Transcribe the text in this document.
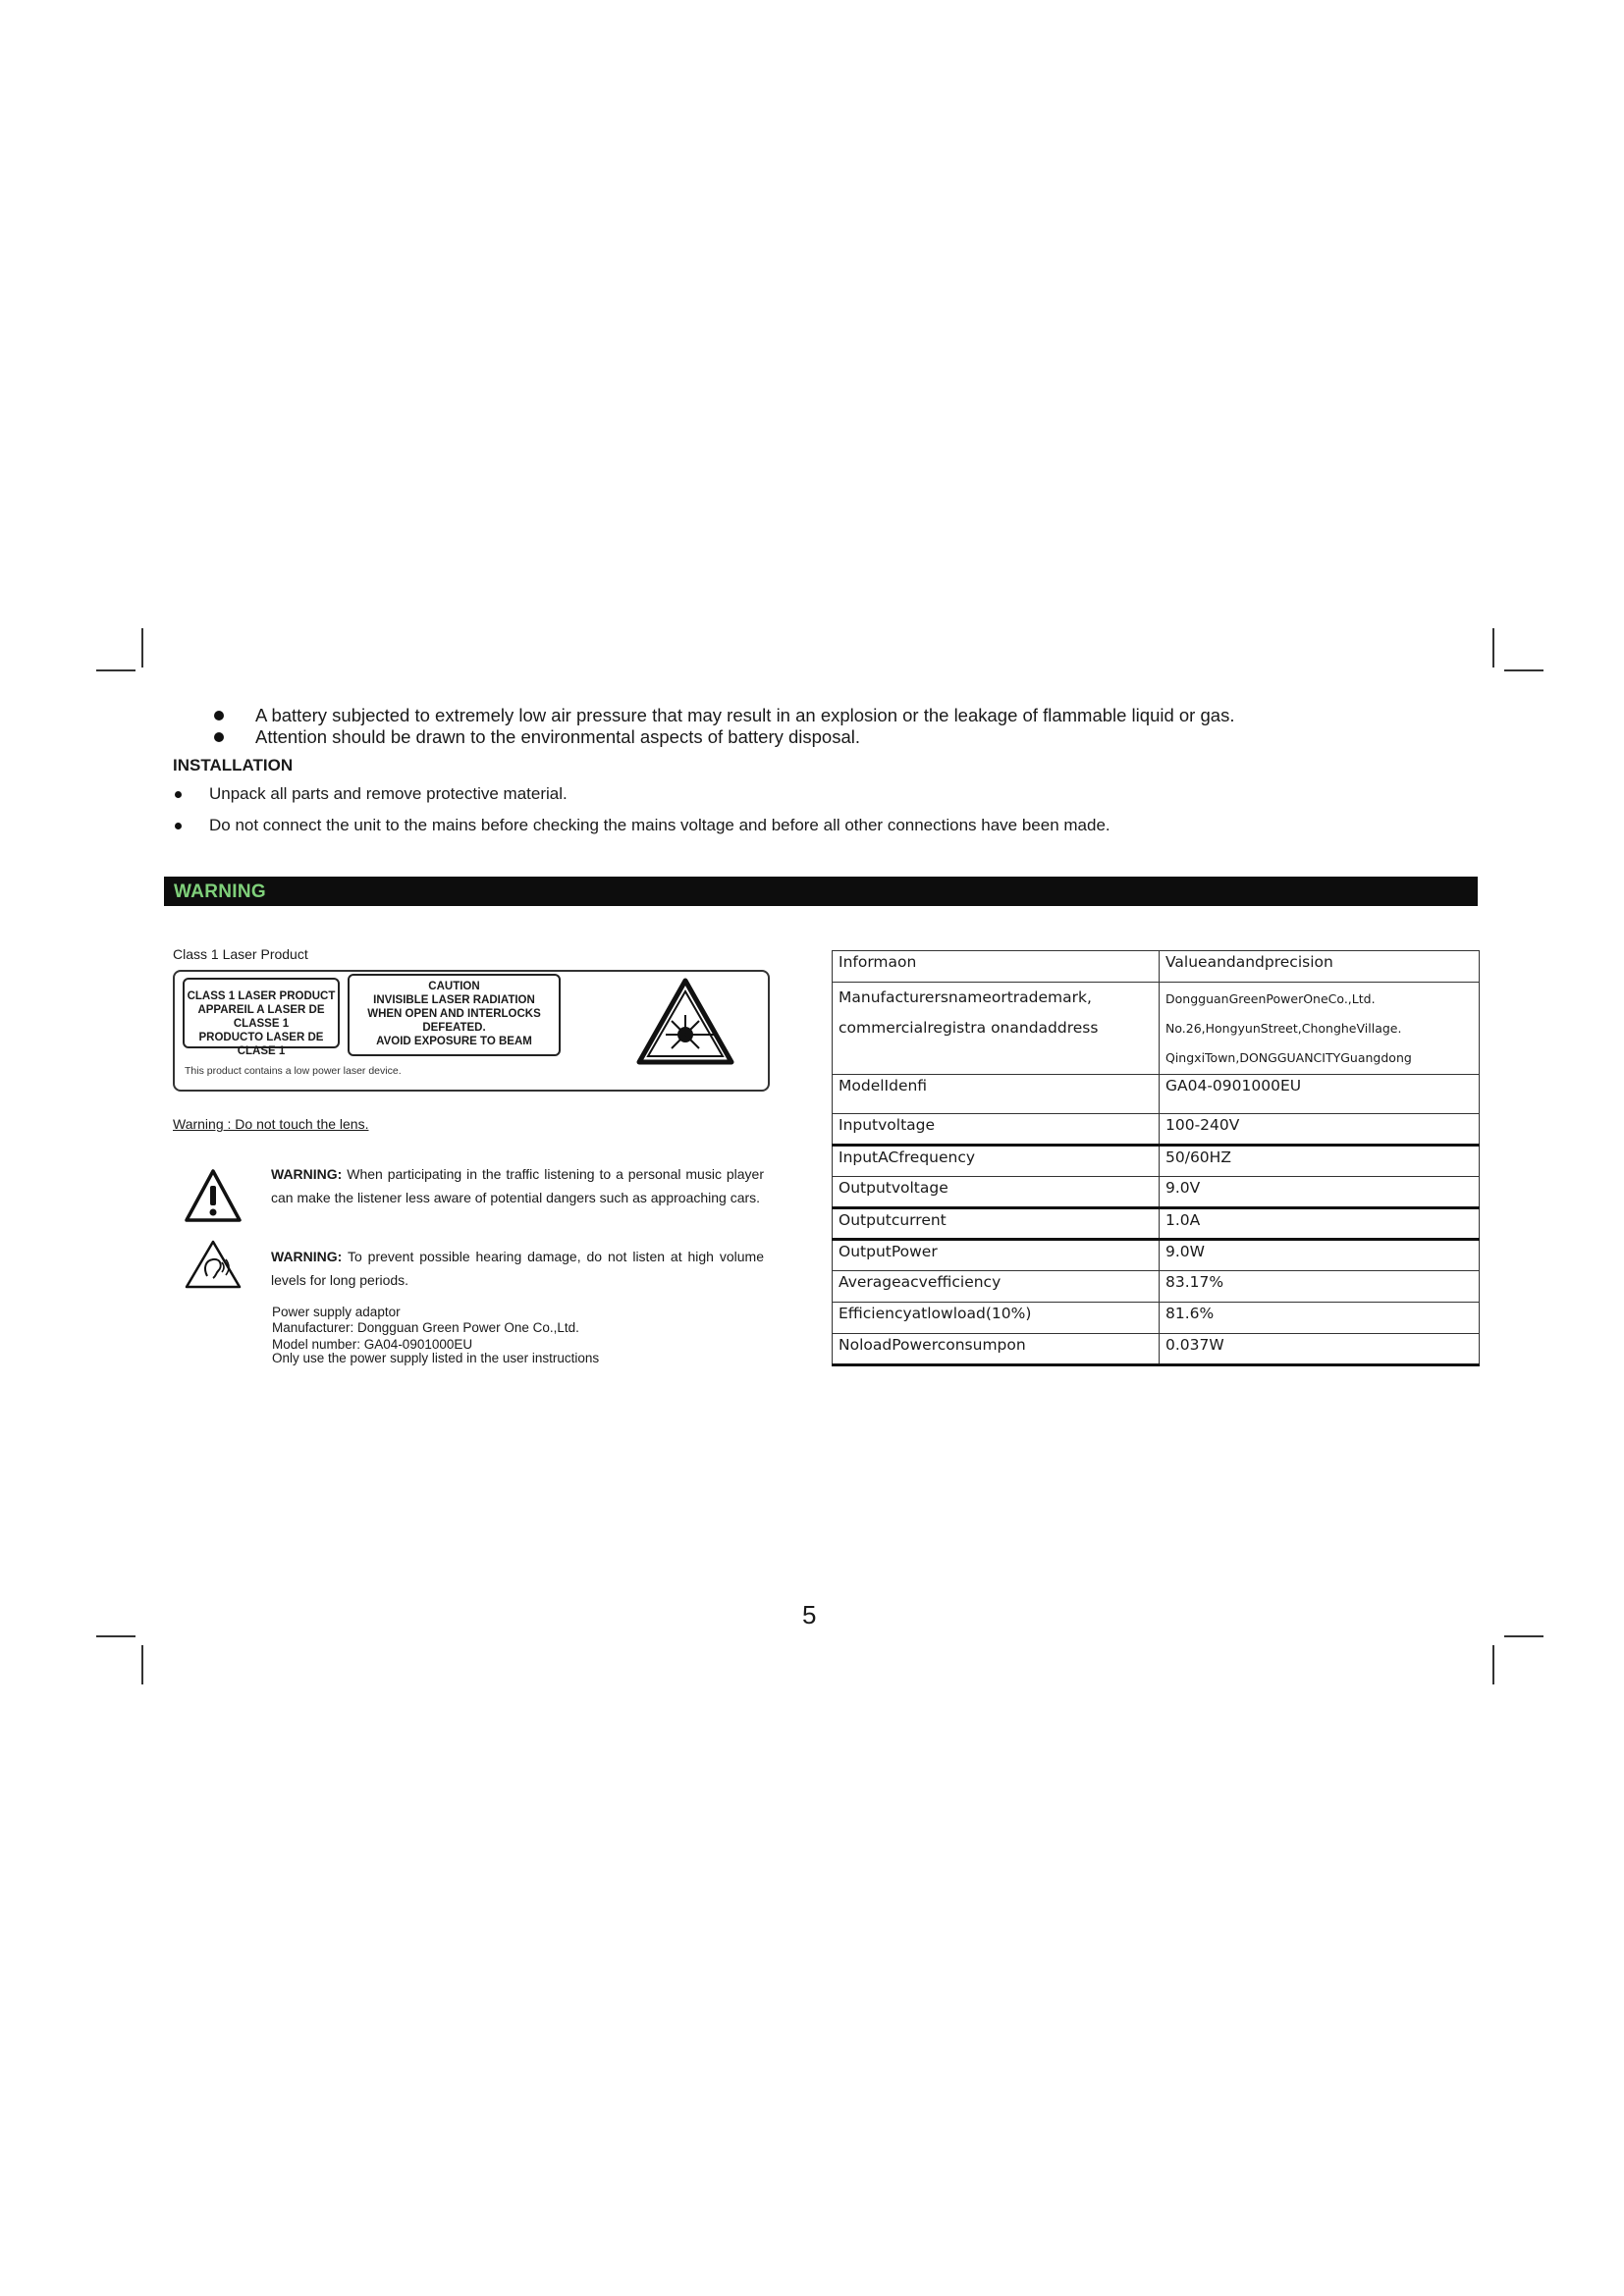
A battery subjected to extremely low air pressure that may result in an explosion or the leakage of flammable liquid or gas.
Attention should be drawn to the environmental aspects of battery disposal.
INSTALLATION
Unpack all parts and remove protective material.
Do not connect the unit to the mains before checking the mains voltage and before all other connections have been made.
WARNING
Class 1 Laser Product
CLASS 1 LASER PRODUCT
APPAREIL A LASER DE CLASSE 1
PRODUCTO LASER DE CLASE 1
CAUTION
INVISIBLE LASER RADIATION
WHEN OPEN AND INTERLOCKS
DEFEATED.
AVOID EXPOSURE TO BEAM
This product contains a low power laser device.
Warning : Do not touch the lens.
WARNING: When participating in the traffic listening to a personal music player can make the listener less aware of potential dangers such as approaching cars.
WARNING: To prevent possible hearing damage, do not listen at high volume levels for long periods.
Power supply adaptor
Manufacturer: Dongguan Green Power One Co.,Ltd.
Model number: GA04-0901000EU
Only use the power supply listed in the user instructions
Informaon	Valueandandprecision

Manufacturersnameortrademark,
commercialregistra onandaddress	DongguanGreenPowerOneCo.,Ltd.
No.26,HongyunStreet,ChongheVillage.
QingxiTown,DONGGUANCITYGuangdong

ModelIdenfi	GA04-0901000EU
Inputvoltage	100-240V
InputACfrequency	50/60HZ
Outputvoltage	9.0V
Outputcurrent	1.0A
OutputPower	9.0W
Averageacvefficiency	83.17%
Efficiencyatlowload(10%)	81.6%
NoloadPowerconsumpon	0.037W
5
